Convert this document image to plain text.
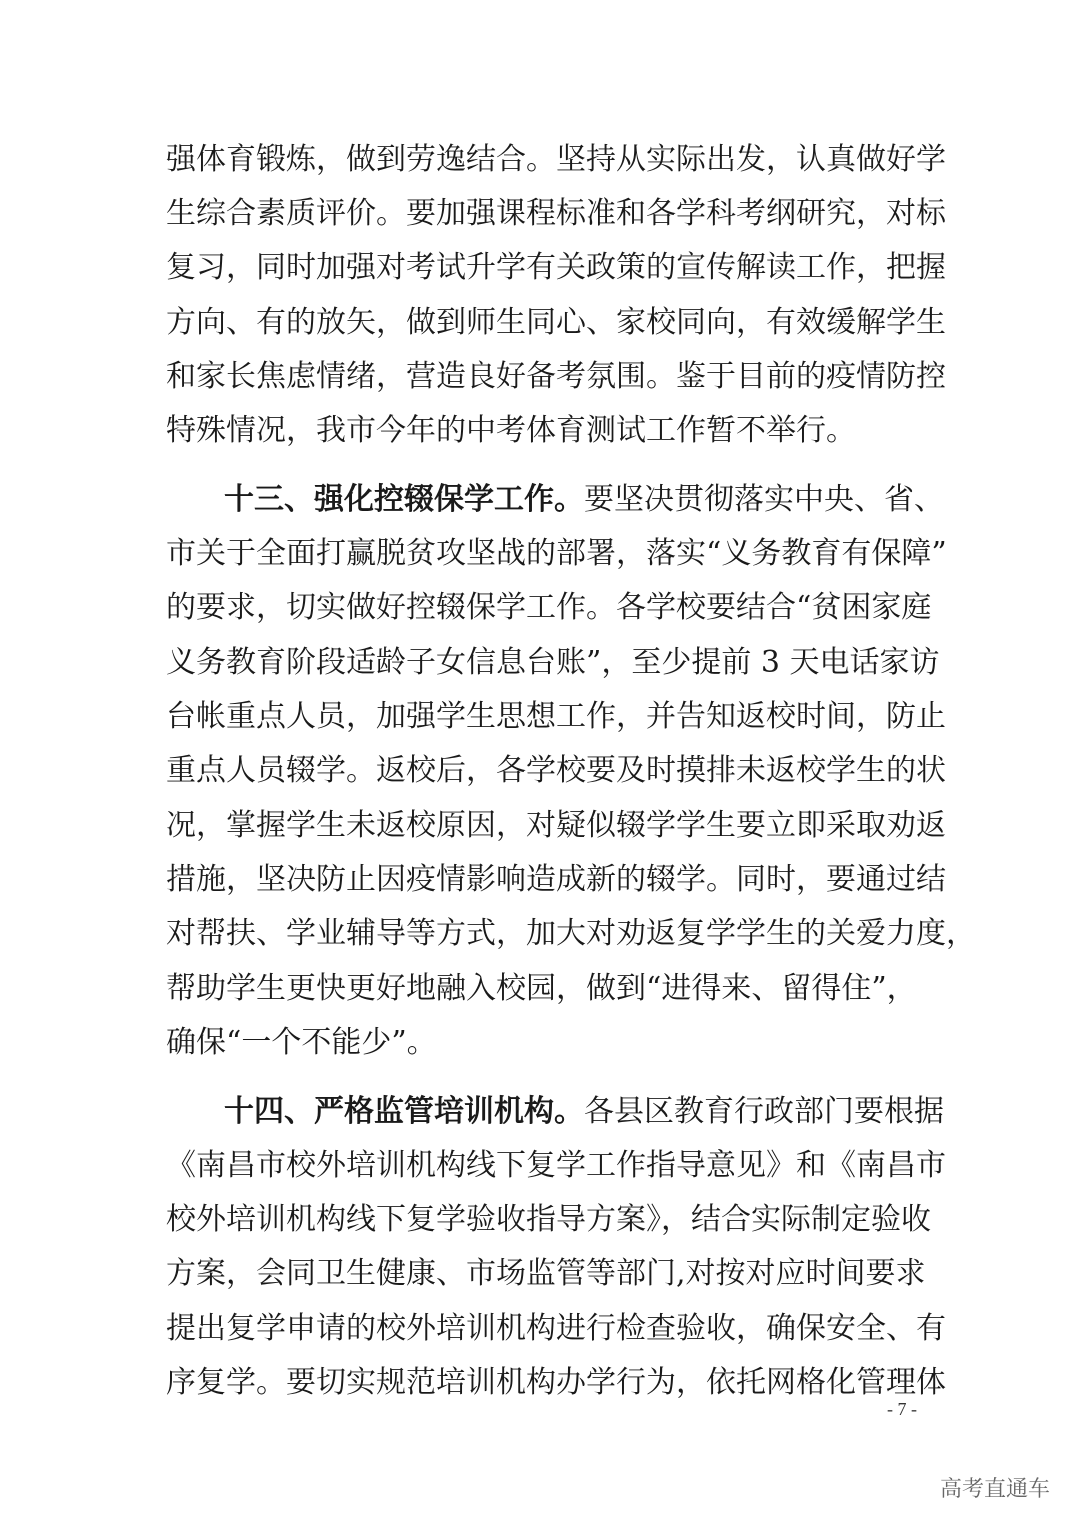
强体育锻炼，做到劳逸结合。坚持从实际出发，认真做好学
生综合素质评价。要加强课程标准和各学科考纲研究，对标
复习，同时加强对考试升学有关政策的宣传解读工作，把握
方向、有的放矢，做到师生同心、家校同向，有效缓解学生
和家长焦虑情绪，营造良好备考氛围。鉴于目前的疫情防控
特殊情况，我市今年的中考体育测试工作暂不举行。
十三、强化控辍保学工作。要坚决贯彻落实中央、省、
市关于全面打赢脱贫攻坚战的部署，落实“义务教育有保障”
的要求，切实做好控辍保学工作。各学校要结合“贫困家庭
义务教育阶段适龄子女信息台账”，至少提前 3 天电话家访
台帐重点人员，加强学生思想工作，并告知返校时间，防止
重点人员辍学。返校后，各学校要及时摸排未返校学生的状
况，掌握学生未返校原因，对疑似辍学学生要立即采取劝返
措施，坚决防止因疫情影响造成新的辍学。同时，要通过结
对帮扶、学业辅导等方式，加大对劝返复学学生的关爱力度，
帮助学生更快更好地融入校园，做到“进得来、留得住”，
确保“一个不能少”。
十四、严格监管培训机构。各县区教育行政部门要根据
《南昌市校外培训机构线下复学工作指导意见》和《南昌市
校外培训机构线下复学验收指导方案》，结合实际制定验收
方案，会同卫生健康、市场监管等部门,对按对应时间要求
提出复学申请的校外培训机构进行检查验收，确保安全、有
序复学。要切实规范培训机构办学行为，依托网格化管理体
- 7 -
高考直通车
